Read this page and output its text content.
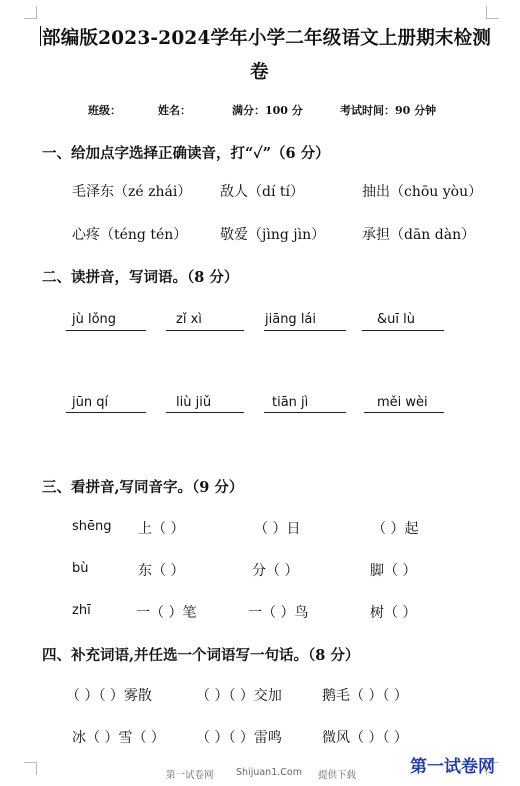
部编版2023-2024学年小学二年级语文上册期末检测
卷
班级：	姓名：	满分：100 分	考试时间：90 分钟
一、给加点字选择正确读音，打“✓”（6 分）
毛泽东（zé zhái） 敌人（dí tí）	抽出（chōu yòu）
心疼（téng tén） 敬爱（jìng jìn）	承担（dān dàn）
二、读拼音，写词语。（8 分）
jù lǒng	zǐ xì	jiāng lái	&uī lù
jūn qí	liù jiǔ	tiān jì	měi wèi
三、看拼音,写同音字。（9 分）
shēng 上（ ）	（ ）日	（ ）起
bù	东（ ）	分（ ）	脚（ ）
zhī	一（ ）笔	一（ ）鸟	树（ ）
四、补充词语,并任选一个词语写一句话。（8 分）
（ ）（ ）雾散	（ ）（ ）交加	鹅毛（ ）（ ）
冰（ ）雪（ ） （ ）（ ）雷鸣	微风（ ）（ ）
第一试卷网 Shijuan1.Com 提供下载	第一试卷网
